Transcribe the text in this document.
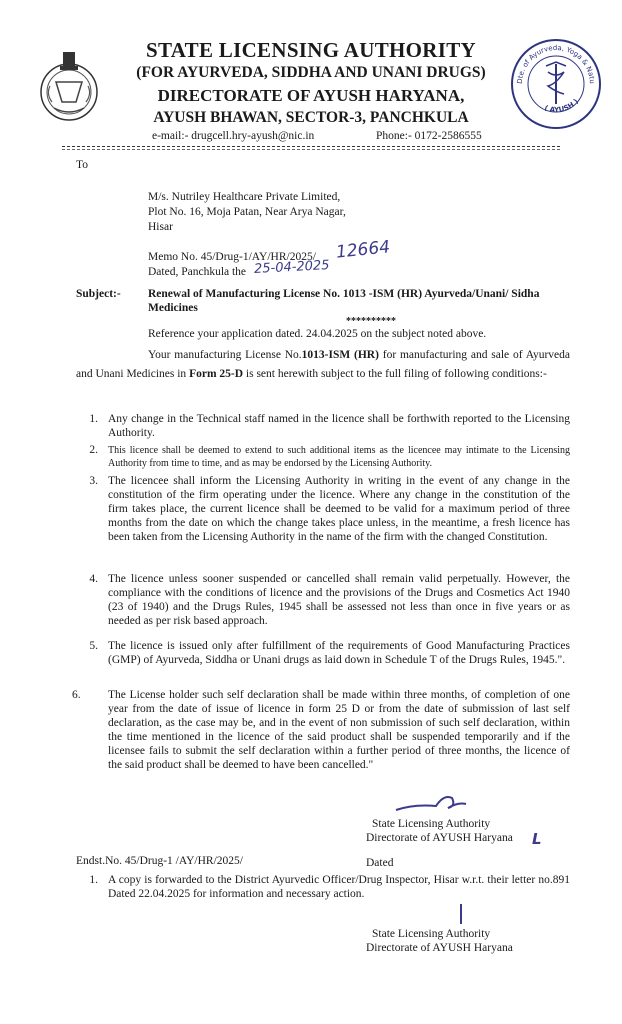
STATE LICENSING AUTHORITY
(FOR AYURVEDA, SIDDHA AND UNANI DRUGS)
DIRECTORATE OF AYUSH HARYANA,
AYUSH BHAWAN, SECTOR-3, PANCHKULA
e-mail:- drugcell.hry-ayush@nic.in	Phone:- 0172-2586555
Dte. of Ayurveda, Yoga & Natu
( AYUSH )
To
M/s. Nutriley Healthcare Private Limited,
Plot No. 16, Moja Patan, Near Arya Nagar,
Hisar
Memo No. 45/Drug-1/AY/HR/2025/ 12664
Dated, Panchkula the 25-04-2025
Subject:- Renewal of Manufacturing License No. 1013 -ISM (HR) Ayurveda/Unani/ Sidha Medicines
**********
Reference your application dated. 24.04.2025 on the subject noted above.
Your manufacturing License No.1013-ISM (HR) for manufacturing and sale of Ayurveda and Unani Medicines in Form 25-D is sent herewith subject to the full filing of following conditions:-
1. Any change in the Technical staff named in the licence shall be forthwith reported to the Licensing Authority.
2. This licence shall be deemed to extend to such additional items as the licencee may intimate to the Licensing Authority from time to time, and as may be endorsed by the Licensing Authority.
3. The licencee shall inform the Licensing Authority in writing in the event of any change in the constitution of the firm operating under the licence. Where any change in the constitution of the firm takes place, the current licence shall be deemed to be valid for a maximum period of three months from the date on which the change takes place unless, in the meantime, a fresh licence has been taken from the Licensing Authority in the name of the firm with the changed Constitution.
4. The licence unless sooner suspended or cancelled shall remain valid perpetually. However, the compliance with the conditions of licence and the provisions of the Drugs and Cosmetics Act 1940 (23 of 1940) and the Drugs Rules, 1945 shall be assessed not less than once in five years or as needed as per risk based approach.
5. The licence is issued only after fulfillment of the requirements of Good Manufacturing Practices (GMP) of Ayurveda, Siddha or Unani drugs as laid down in Schedule T of the Drugs Rules, 1945.".
6. The License holder such self declaration shall be made within three months, of completion of one year from the date of issue of licence in form 25 D or from the date of submission of last self declaration, as the case may be, and in the event of non submission of such self declaration, within the time mentioned in the licence of the said product shall be suspended temporarily and if the licensee fails to submit the self declaration within a further period of three months, the licence of the said product shall be deemed to have been cancelled."
State Licensing Authority
Directorate of AYUSH Haryana L
Endst.No. 45/Drug-1 /AY/HR/2025/	Dated
1. A copy is forwarded to the District Ayurvedic Officer/Drug Inspector, Hisar w.r.t. their letter no.891 Dated 22.04.2025 for information and necessary action.
State Licensing Authority
Directorate of AYUSH Haryana
